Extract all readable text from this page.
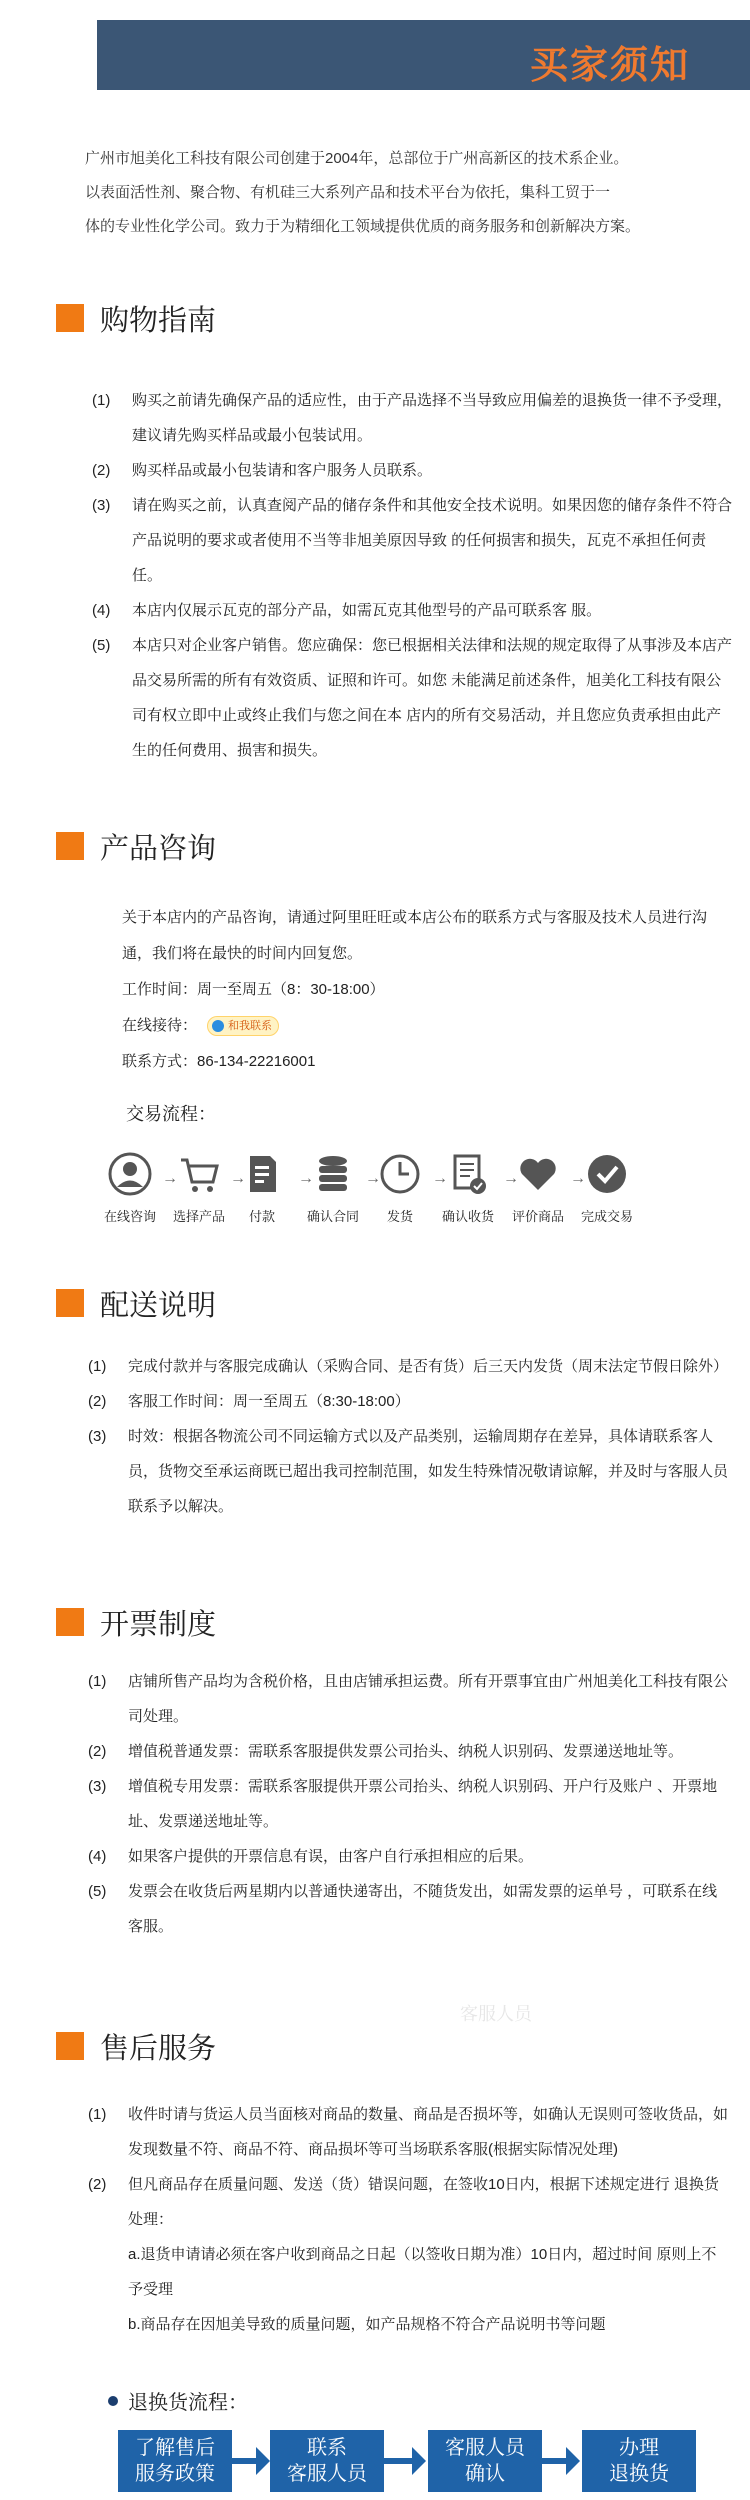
买家须知
广州市旭美化工科技有限公司创建于2004年，总部位于广州高新区的技术系企业。
以表面活性剂、聚合物、有机硅三大系列产品和技术平台为依托，集科工贸于一
体的专业性化学公司。致力于为精细化工领域提供优质的商务服务和创新解决方案。
购物指南
(1)	购买之前请先确保产品的适应性，由于产品选择不当导致应用偏差的退换货一律不予受理，建议请先购买样品或最小包装试用。
(2)	购买样品或最小包装请和客户服务人员联系。
(3)	请在购买之前，认真查阅产品的储存条件和其他安全技术说明。如果因您的储存条件不符合产品说明的要求或者使用不当等非旭美原因导致 的任何损害和损失，瓦克不承担任何责任。
(4)	本店内仅展示瓦克的部分产品，如需瓦克其他型号的产品可联系客 服。
(5)	本店只对企业客户销售。您应确保：您已根据相关法律和法规的规定取得了从事涉及本店产品交易所需的所有有效资质、证照和许可。如您 未能满足前述条件，旭美化工科技有限公司有权立即中止或终止我们与您之间在本 店内的所有交易活动，并且您应负责承担由此产生的任何费用、损害和损失。
产品咨询
关于本店内的产品咨询，请通过阿里旺旺或本店公布的联系方式与客服及技术人员进行沟通，我们将在最快的时间内回复您。
工作时间：周一至周五（8：30-18:00）
在线接待：	和我联系
联系方式：86-134-22216001
交易流程：
在线咨询
→
选择产品
→
付款
→
确认合同
→
发货
→
确认收货
→
评价商品
→
完成交易
配送说明
(1)	完成付款并与客服完成确认（采购合同、是否有货）后三天内发货（周末法定节假日除外）
(2)	客服工作时间：周一至周五（8:30-18:00）
(3)	时效：根据各物流公司不同运输方式以及产品类别，运输周期存在差异，具体请联系客人员，货物交至承运商既已超出我司控制范围，如发生特殊情况敬请谅解，并及时与客服人员联系予以解决。
开票制度
(1)	店铺所售产品均为含税价格，且由店铺承担运费。所有开票事宜由广州旭美化工科技有限公司处理。
(2)	增值税普通发票：需联系客服提供发票公司抬头、纳税人识别码、发票递送地址等。
(3)	增值税专用发票：需联系客服提供开票公司抬头、纳税人识别码、开户行及账户 、开票地址、发票递送地址等。
(4)	如果客户提供的开票信息有误，由客户自行承担相应的后果。
(5)	发票会在收货后两星期内以普通快递寄出，不随货发出，如需发票的运单号 ，可联系在线客服。
客服人员
售后服务
(1)	收件时请与货运人员当面核对商品的数量、商品是否损坏等，如确认无误则可签收货品，如发现数量不符、商品不符、商品损坏等可当场联系客服(根据实际情况处理)
(2)	但凡商品存在质量问题、发送（货）错误问题，在签收10日内，根据下述规定进行 退换货处理：
a.退货申请请必须在客户收到商品之日起（以签收日期为准）10日内，超过时间 原则上不予受理
b.商品存在因旭美导致的质量问题，如产品规格不符合产品说明书等问题
退换货流程：
了解售后
服务政策
联系
客服人员
客服人员
确认
办理
退换货
